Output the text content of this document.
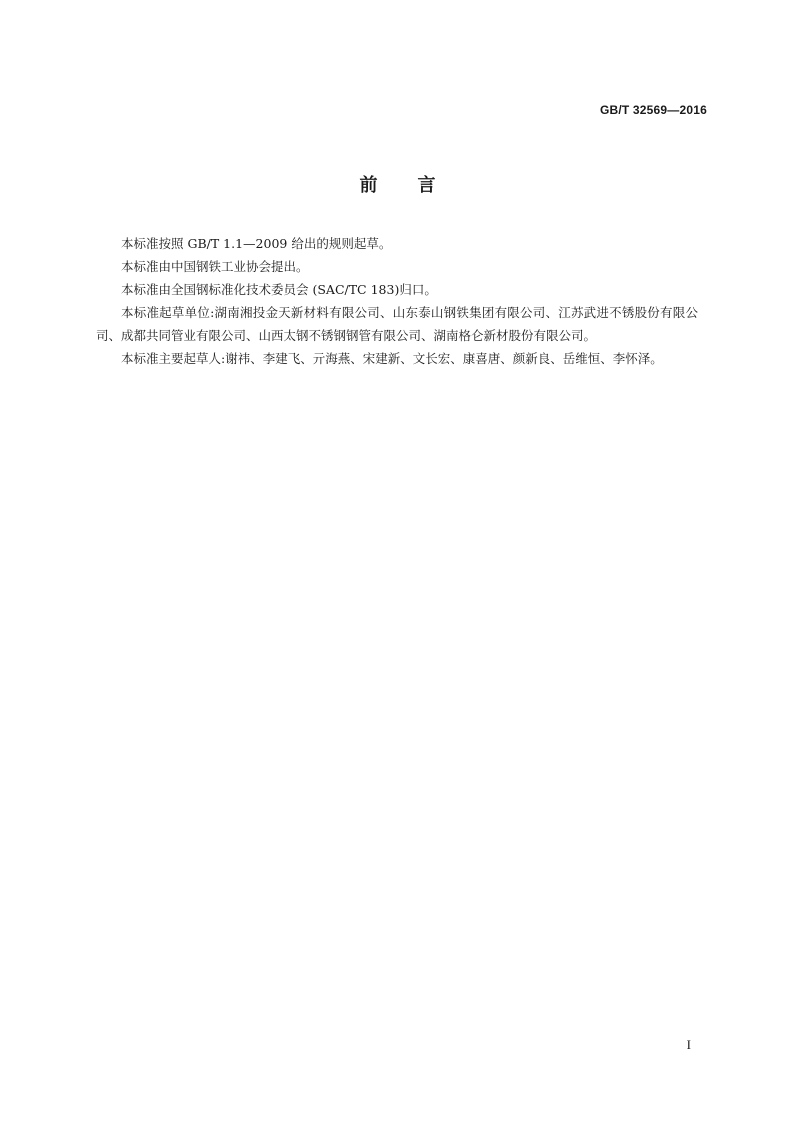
GB/T 32569—2016
前 言

本标准按照 GB/T 1.1—2009 给出的规则起草。

本标准由中国钢铁工业协会提出。

本标准由全国钢标准化技术委员会 (SAC/TC 183)归口。

本标准起草单位:湖南湘投金天新材料有限公司、山东泰山钢铁集团有限公司、江苏武进不锈股份有限公司、成都共同管业有限公司、山西太钢不锈钢钢管有限公司、湖南格仑新材股份有限公司。

本标准主要起草人:谢祎、李建飞、亓海燕、宋建新、文长宏、康喜唐、颜新良、岳维恒、李怀泽。

I
